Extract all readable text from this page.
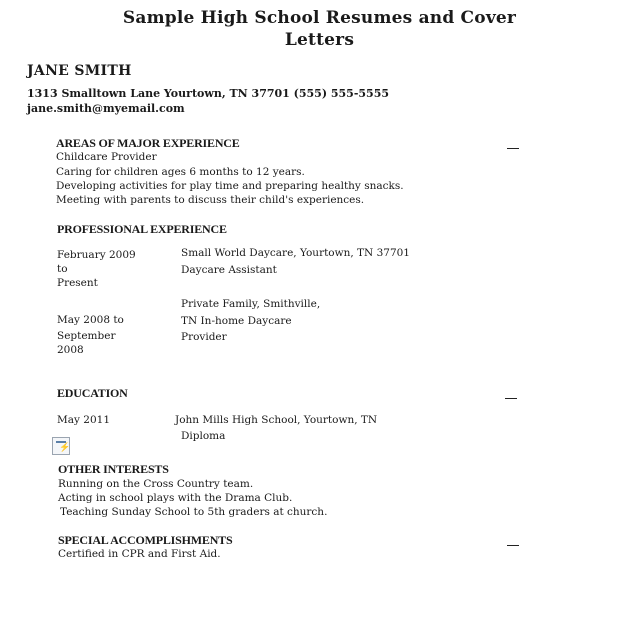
Sample High School Resumes and Cover
Letters
JANE SMITH
1313 Smalltown Lane Yourtown, TN 37701 (555) 555-5555
jane.smith@myemail.com
AREAS OF MAJOR EXPERIENCE
Childcare Provider
Caring for children ages 6 months to 12 years.
Developing activities for play time and preparing healthy snacks.
Meeting with parents to discuss their child's experiences.
PROFESSIONAL EXPERIENCE
February 2009
to
Present
Small World Daycare, Yourtown, TN 37701
Daycare Assistant
Private Family, Smithville,
TN In-home Daycare
Provider
May 2008 to
September
2008
EDUCATION
May 2011	John Mills High School, Yourtown, TN
Diploma
⚡
OTHER INTERESTS
Running on the Cross Country team.
Acting in school plays with the Drama Club.
Teaching Sunday School to 5th graders at church.
SPECIAL ACCOMPLISHMENTS
Certified in CPR and First Aid.
